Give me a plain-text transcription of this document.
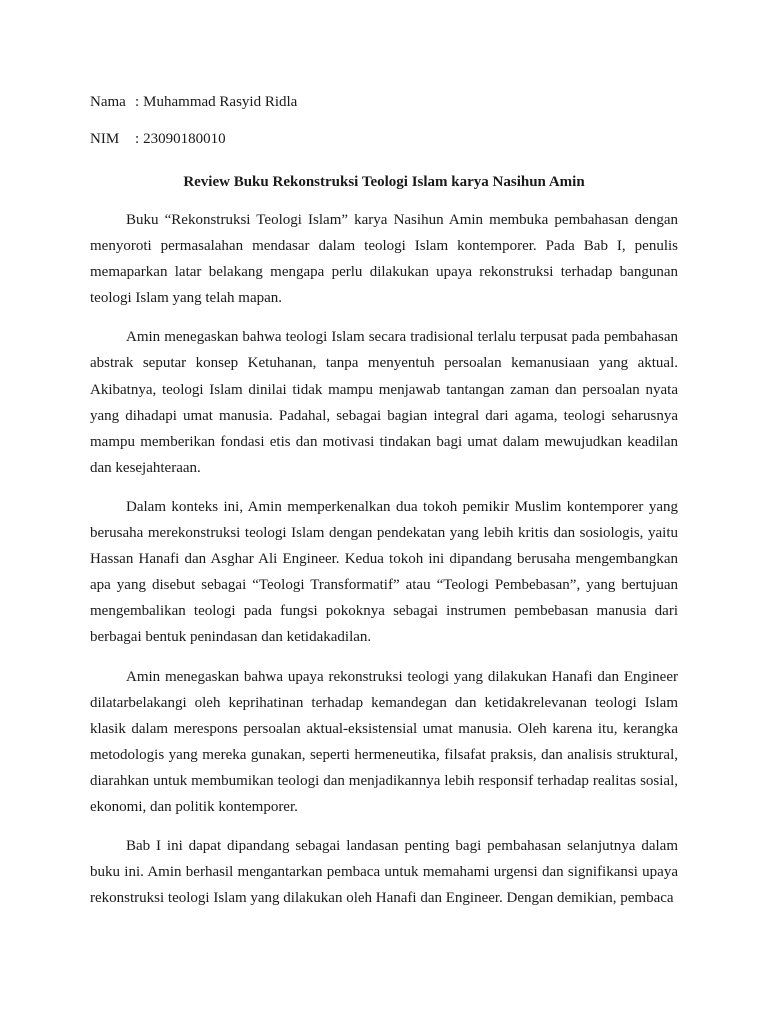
Nama : Muhammad Rasyid Ridla
NIM : 23090180010
Review Buku Rekonstruksi Teologi Islam karya Nasihun Amin

Buku “Rekonstruksi Teologi Islam” karya Nasihun Amin membuka pembahasan dengan menyoroti permasalahan mendasar dalam teologi Islam kontemporer. Pada Bab I, penulis memaparkan latar belakang mengapa perlu dilakukan upaya rekonstruksi terhadap bangunan teologi Islam yang telah mapan.

Amin menegaskan bahwa teologi Islam secara tradisional terlalu terpusat pada pembahasan abstrak seputar konsep Ketuhanan, tanpa menyentuh persoalan kemanusiaan yang aktual. Akibatnya, teologi Islam dinilai tidak mampu menjawab tantangan zaman dan persoalan nyata yang dihadapi umat manusia. Padahal, sebagai bagian integral dari agama, teologi seharusnya mampu memberikan fondasi etis dan motivasi tindakan bagi umat dalam mewujudkan keadilan dan kesejahteraan.

Dalam konteks ini, Amin memperkenalkan dua tokoh pemikir Muslim kontemporer yang berusaha merekonstruksi teologi Islam dengan pendekatan yang lebih kritis dan sosiologis, yaitu Hassan Hanafi dan Asghar Ali Engineer. Kedua tokoh ini dipandang berusaha mengembangkan apa yang disebut sebagai “Teologi Transformatif” atau “Teologi Pembebasan”, yang bertujuan mengembalikan teologi pada fungsi pokoknya sebagai instrumen pembebasan manusia dari berbagai bentuk penindasan dan ketidakadilan.

Amin menegaskan bahwa upaya rekonstruksi teologi yang dilakukan Hanafi dan Engineer dilatarbelakangi oleh keprihatinan terhadap kemandegan dan ketidakrelevanan teologi Islam klasik dalam merespons persoalan aktual-eksistensial umat manusia. Oleh karena itu, kerangka metodologis yang mereka gunakan, seperti hermeneutika, filsafat praksis, dan analisis struktural, diarahkan untuk membumikan teologi dan menjadikannya lebih responsif terhadap realitas sosial, ekonomi, dan politik kontemporer.

Bab I ini dapat dipandang sebagai landasan penting bagi pembahasan selanjutnya dalam buku ini. Amin berhasil mengantarkan pembaca untuk memahami urgensi dan signifikansi upaya rekonstruksi teologi Islam yang dilakukan oleh Hanafi dan Engineer. Dengan demikian, pembaca
